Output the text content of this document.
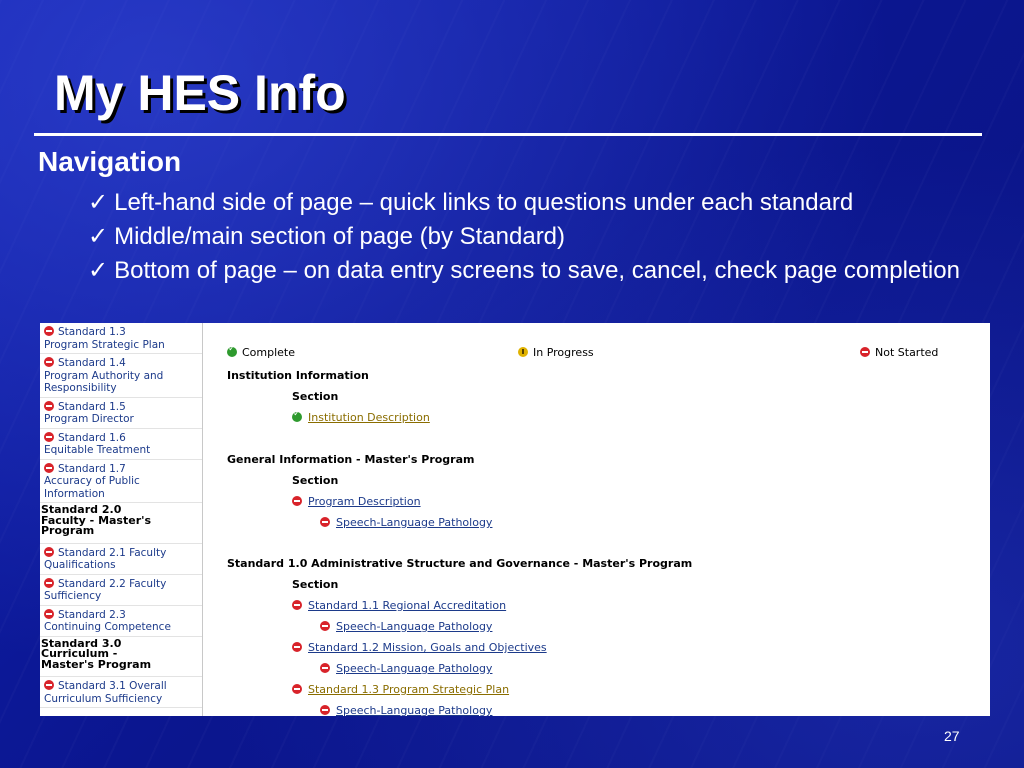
My HES Info
Navigation
✓ Left-hand side of page – quick links to questions under each standard
✓ Middle/main section of page (by Standard)
✓ Bottom of page – on data entry screens to save, cancel, check page completion
Standard 1.3
Program Strategic Plan
Standard 1.4
Program Authority and
Responsibility
Standard 1.5
Program Director
Standard 1.6
Equitable Treatment
Standard 1.7
Accuracy of Public
Information
Standard 2.0
Faculty - Master's
Program
Standard 2.1 Faculty
Qualifications
Standard 2.2 Faculty
Sufficiency
Standard 2.3
Continuing Competence
Standard 3.0
Curriculum -
Master's Program
Standard 3.1 Overall
Curriculum Sufficiency
✓Complete	In Progress	Not Started
Institution Information
Section
✓Institution Description
General Information - Master's Program
Section
Program Description
Speech-Language Pathology
Standard 1.0 Administrative Structure and Governance - Master's Program
Section
Standard 1.1 Regional Accreditation
Speech-Language Pathology
Standard 1.2 Mission, Goals and Objectives
Speech-Language Pathology
Standard 1.3 Program Strategic Plan
Speech-Language Pathology
27
